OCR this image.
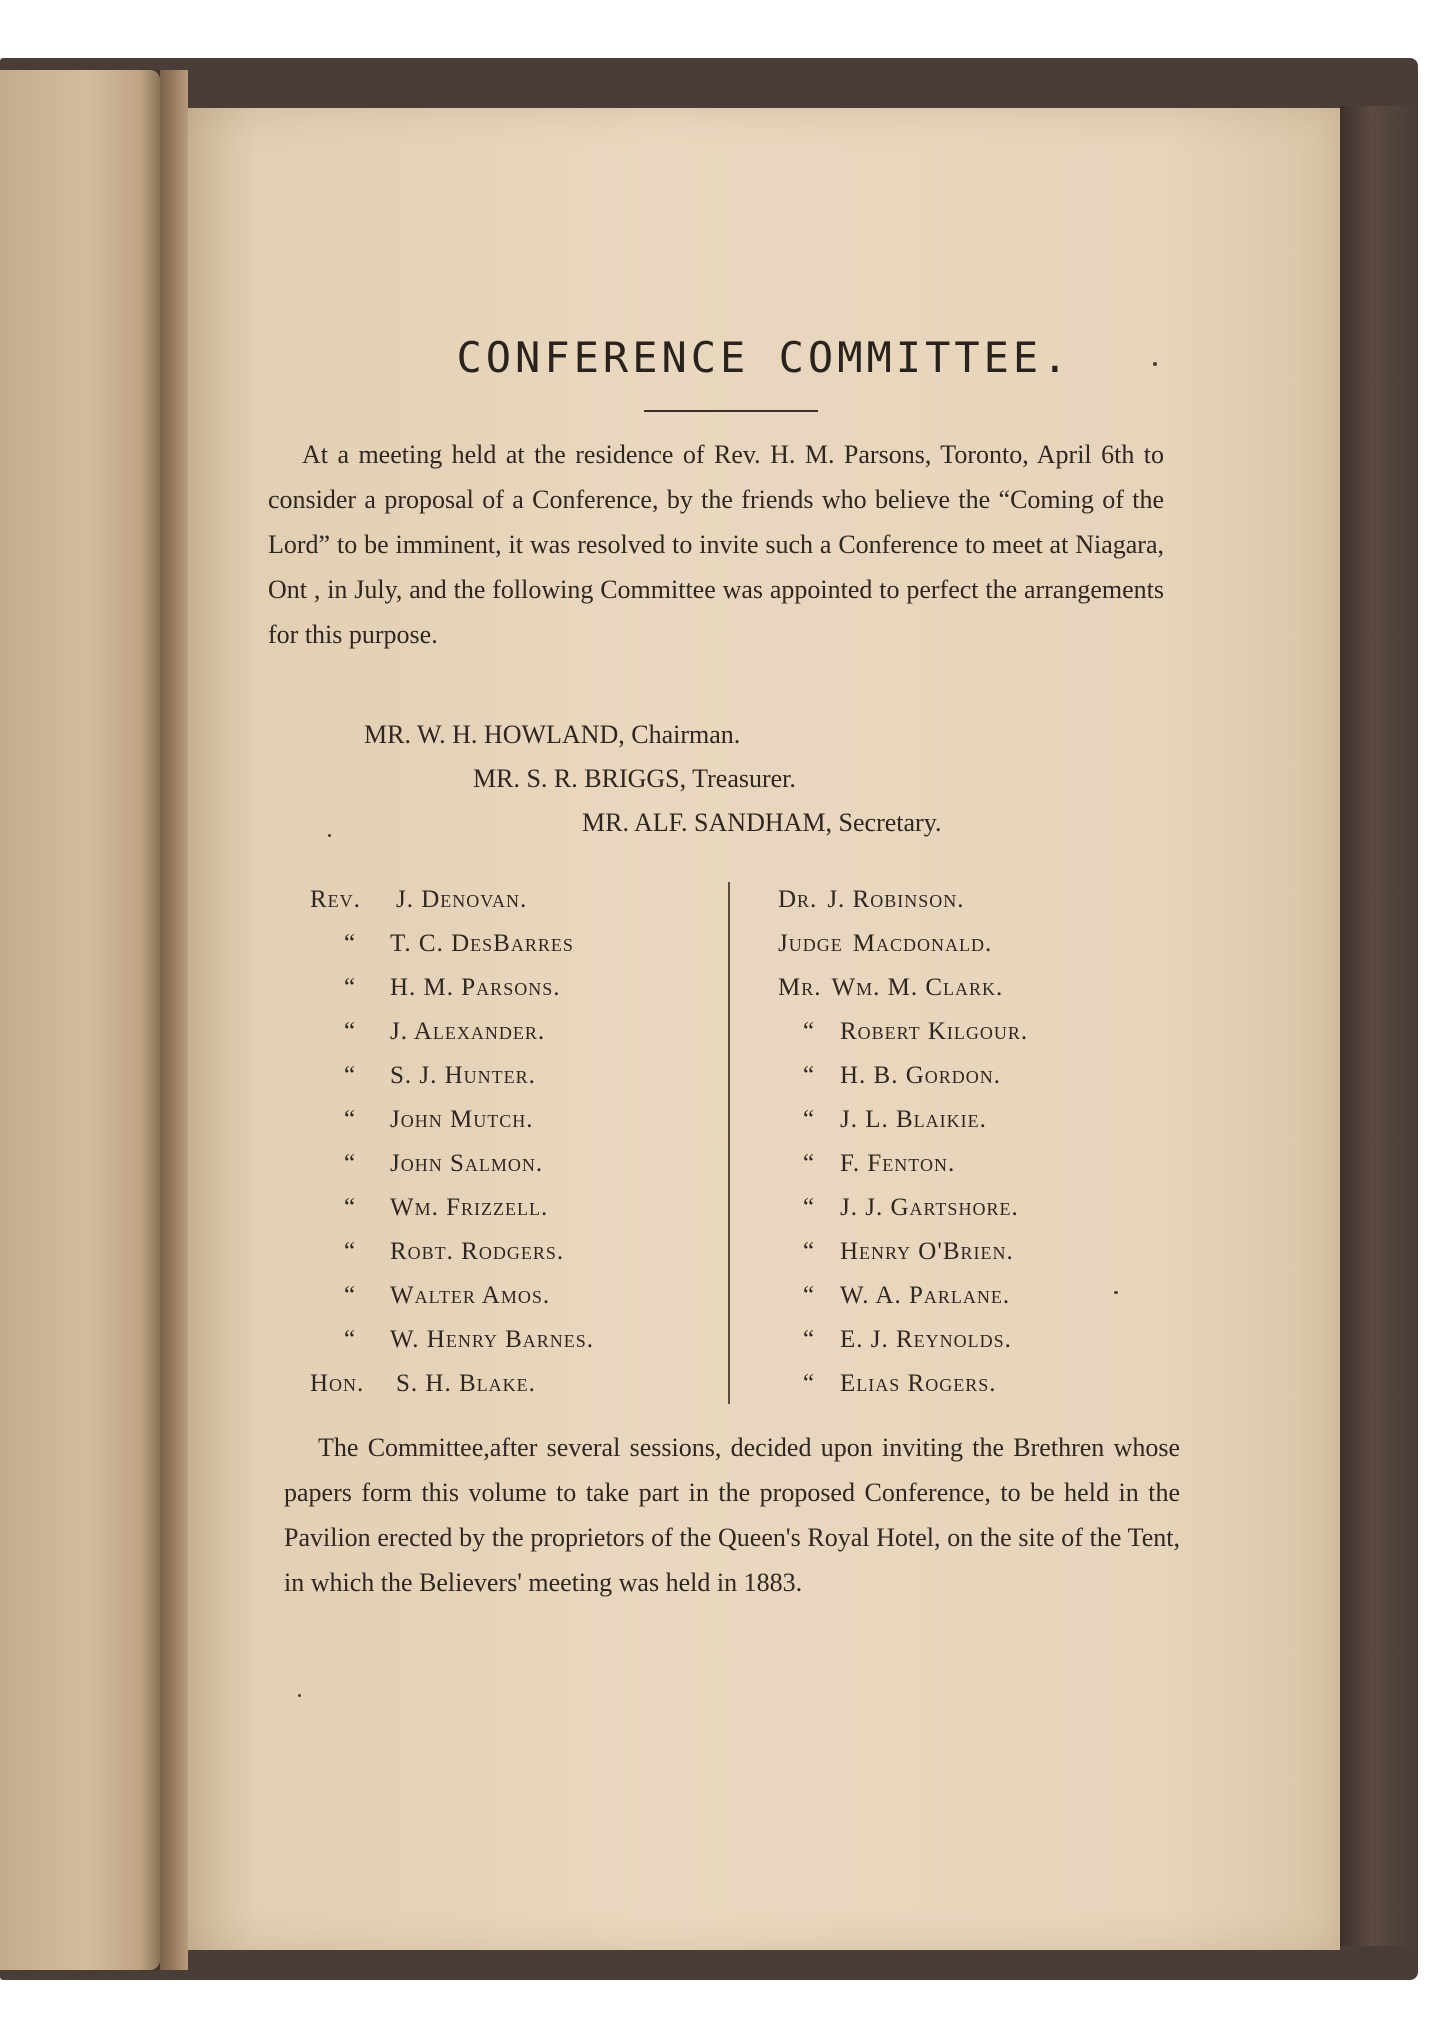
CONFERENCE COMMITTEE.

At a meeting held at the residence of Rev. H. M. Parsons, Toronto, April 6th to consider a proposal of a Conference, by the friends who believe the “Coming of the Lord” to be imminent, it was resolved to invite such a Conference to meet at Niagara, Ont , in July, and the following Committee was appointed to perfect the arrangements for this purpose.

MR. W. H. HOWLAND, Chairman.
MR. S. R. BRIGGS, Treasurer.
MR. ALF. SANDHAM, Secretary.
Rev. J. Denovan.
“ T. C. DesBarres
“ H. M. Parsons.
“ J. Alexander.
“ S. J. Hunter.
“ John Mutch.
“ John Salmon.
“ Wm. Frizzell.
“ Robt. Rodgers.
“ Walter Amos.
“ W. Henry Barnes.
Hon. S. H. Blake.
Dr. J. Robinson.
Judge Macdonald.
Mr. Wm. M. Clark.
“ Robert Kilgour.
“ H. B. Gordon.
“ J. L. Blaikie.
“ F. Fenton.
“ J. J. Gartshore.
“ Henry O'Brien.
“ W. A. Parlane.
“ E. J. Reynolds.
“ Elias Rogers.

The Committee,after several sessions, decided upon inviting the Brethren whose papers form this volume to take part in the proposed Conference, to be held in the Pavilion erected by the proprietors of the Queen's Royal Hotel, on the site of the Tent, in which the Believers' meeting was held in 1883.
